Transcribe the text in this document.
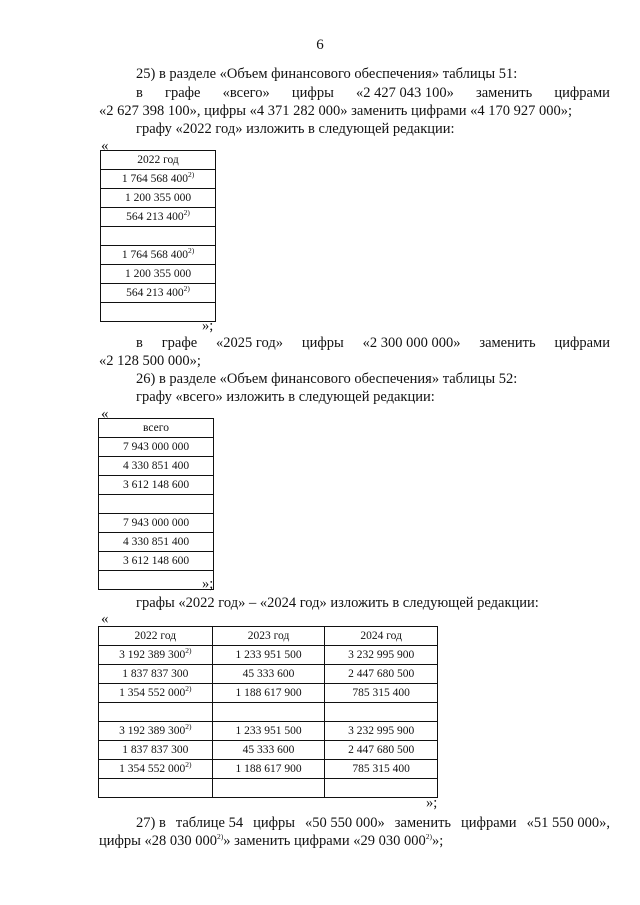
6
25) в разделе «Объем финансового обеспечения» таблицы 51:
в графе «всего» цифры «2 427 043 100» заменить цифрами
«2 627 398 100», цифры «4 371 282 000» заменить цифрами «4 170 927 000»;
графу «2022 год» изложить в следующей редакции:
«
2022 год
1 764 568 400$^{2)}$
1 200 355 000
564 213 400$^{2)}$

1 764 568 400$^{2)}$
1 200 355 000
564 213 400$^{2)}$

»;
в графе «2025 год» цифры «2 300 000 000» заменить цифрами
«2 128 500 000»;
26) в разделе «Объем финансового обеспечения» таблицы 52:
графу «всего» изложить в следующей редакции:
«
всего
7 943 000 000
4 330 851 400
3 612 148 600

7 943 000 000
4 330 851 400
3 612 148 600

»;
графы «2022 год» – «2024 год» изложить в следующей редакции:
«
2022 год	2023 год	2024 год
3 192 389 300$^{2)}$	1 233 951 500	3 232 995 900
1 837 837 300	45 333 600	2 447 680 500
1 354 552 000$^{2)}$	1 188 617 900	785 315 400

3 192 389 300$^{2)}$	1 233 951 500	3 232 995 900
1 837 837 300	45 333 600	2 447 680 500
1 354 552 000$^{2)}$	1 188 617 900	785 315 400

»;
27) в таблице 54 цифры «50 550 000» заменить цифрами «51 550 000»,
цифры «28 030 000$^{2)}$» заменить цифрами «29 030 000$^{2)}$»;
